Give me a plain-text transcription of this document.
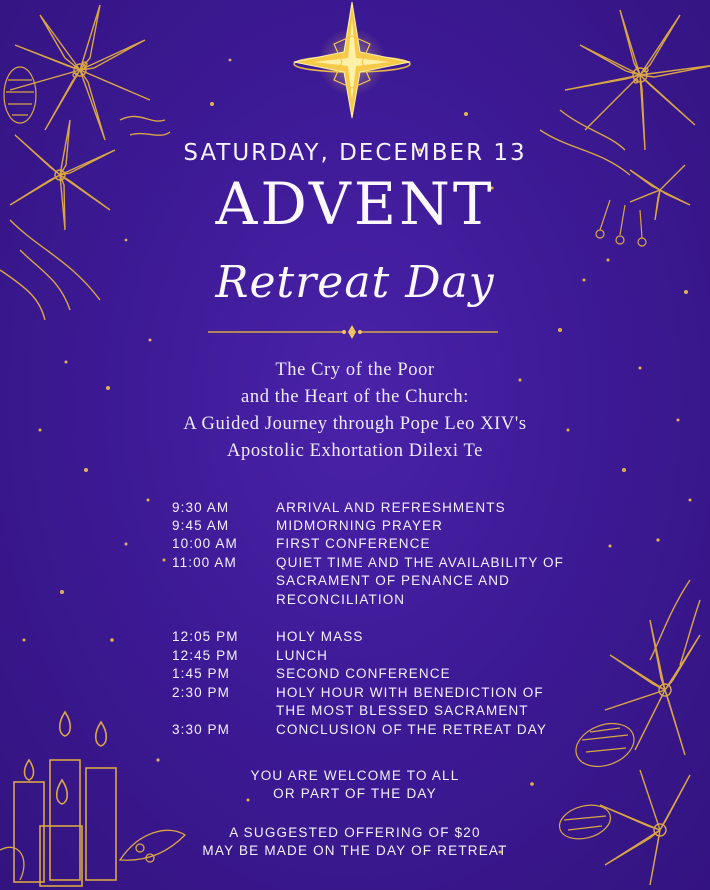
SATURDAY, DECEMBER 13
ADVENT
Retreat Day
The Cry of the Poor
and the Heart of the Church:
A Guided Journey through Pope Leo XIV's
Apostolic Exhortation Dilexi Te
9:30 AM	ARRIVAL AND REFRESHMENTS
9:45 AM	MIDMORNING PRAYER
10:00 AM	FIRST CONFERENCE
11:00 AM	QUIET TIME AND THE AVAILABILITY OF
SACRAMENT OF PENANCE AND
RECONCILIATION
12:05 PM	HOLY MASS
12:45 PM	LUNCH
1:45 PM	SECOND CONFERENCE
2:30 PM	HOLY HOUR WITH BENEDICTION OF
THE MOST BLESSED SACRAMENT
3:30 PM	CONCLUSION OF THE RETREAT DAY
YOU ARE WELCOME TO ALL
OR PART OF THE DAY
A SUGGESTED OFFERING OF $20
MAY BE MADE ON THE DAY OF RETREAT
